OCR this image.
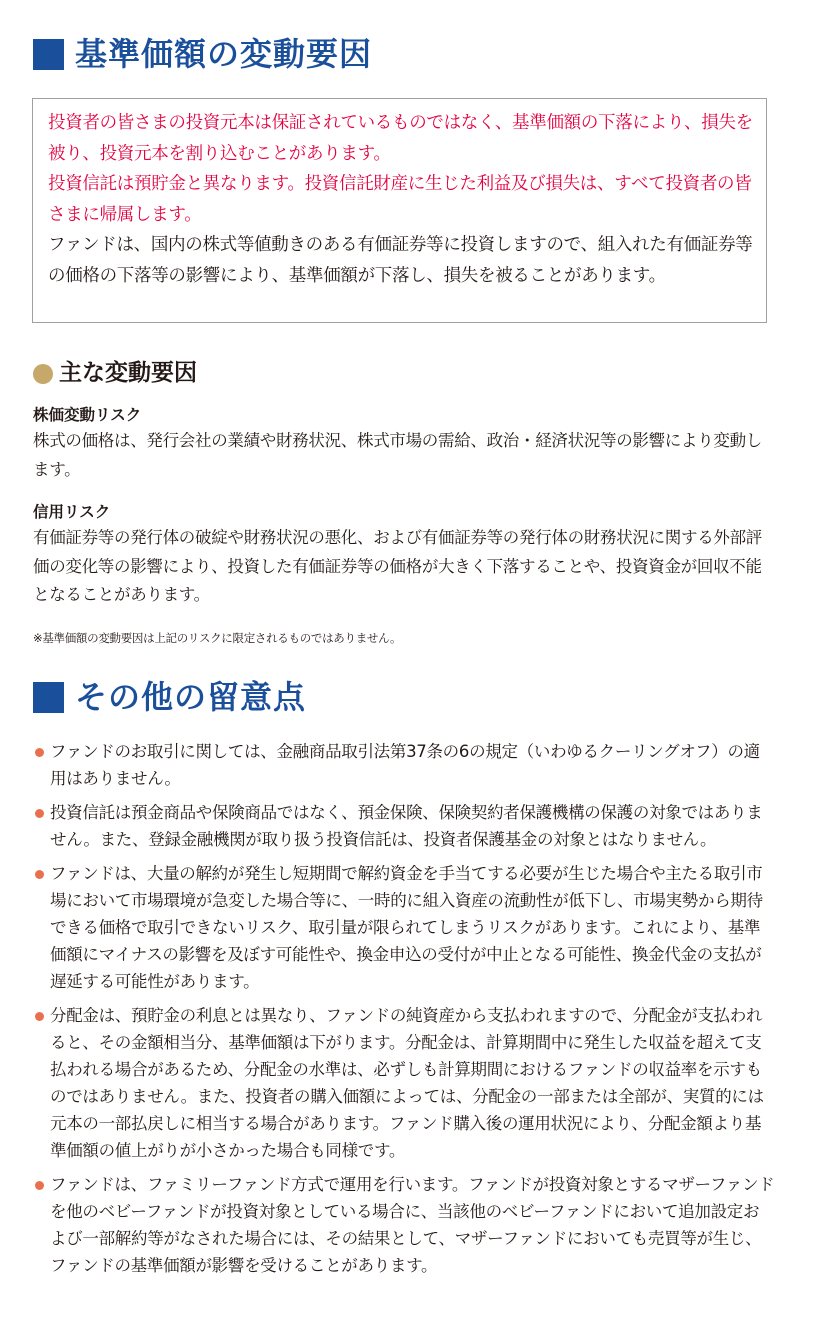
基準価額の変動要因

投資者の皆さまの投資元本は保証されているものではなく、基準価額の下落により、損失を被り、投資元本を割り込むことがあります。

投資信託は預貯金と異なります。投資信託財産に生じた利益及び損失は、すべて投資者の皆さまに帰属します。

ファンドは、国内の株式等値動きのある有価証券等に投資しますので、組入れた有価証券等の価格の下落等の影響により、基準価額が下落し、損失を被ることがあります。

主な変動要因

株価変動リスク

株式の価格は、発行会社の業績や財務状況、株式市場の需給、政治・経済状況等の影響により変動します。

信用リスク

有価証券等の発行体の破綻や財務状況の悪化、および有価証券等の発行体の財務状況に関する外部評価の変化等の影響により、投資した有価証券等の価格が大きく下落することや、投資資金が回収不能となることがあります。

※基準価額の変動要因は上記のリスクに限定されるものではありません。
その他の留意点
ファンドのお取引に関しては、金融商品取引法第37条の6の規定（いわゆるクーリングオフ）の適用はありません。
投資信託は預金商品や保険商品ではなく、預金保険、保険契約者保護機構の保護の対象ではありません。また、登録金融機関が取り扱う投資信託は、投資者保護基金の対象とはなりません。
ファンドは、大量の解約が発生し短期間で解約資金を手当てする必要が生じた場合や主たる取引市場において市場環境が急変した場合等に、一時的に組入資産の流動性が低下し、市場実勢から期待できる価格で取引できないリスク、取引量が限られてしまうリスクがあります。これにより、基準価額にマイナスの影響を及ぼす可能性や、換金申込の受付が中止となる可能性、換金代金の支払が遅延する可能性があります。
分配金は、預貯金の利息とは異なり、ファンドの純資産から支払われますので、分配金が支払われると、その金額相当分、基準価額は下がります。分配金は、計算期間中に発生した収益を超えて支払われる場合があるため、分配金の水準は、必ずしも計算期間におけるファンドの収益率を示すものではありません。また、投資者の購入価額によっては、分配金の一部または全部が、実質的には元本の一部払戻しに相当する場合があります。ファンド購入後の運用状況により、分配金額より基準価額の値上がりが小さかった場合も同様です。
ファンドは、ファミリーファンド方式で運用を行います。ファンドが投資対象とするマザーファンドを他のベビーファンドが投資対象としている場合に、当該他のベビーファンドにおいて追加設定および一部解約等がなされた場合には、その結果として、マザーファンドにおいても売買等が生じ、ファンドの基準価額が影響を受けることがあります。
